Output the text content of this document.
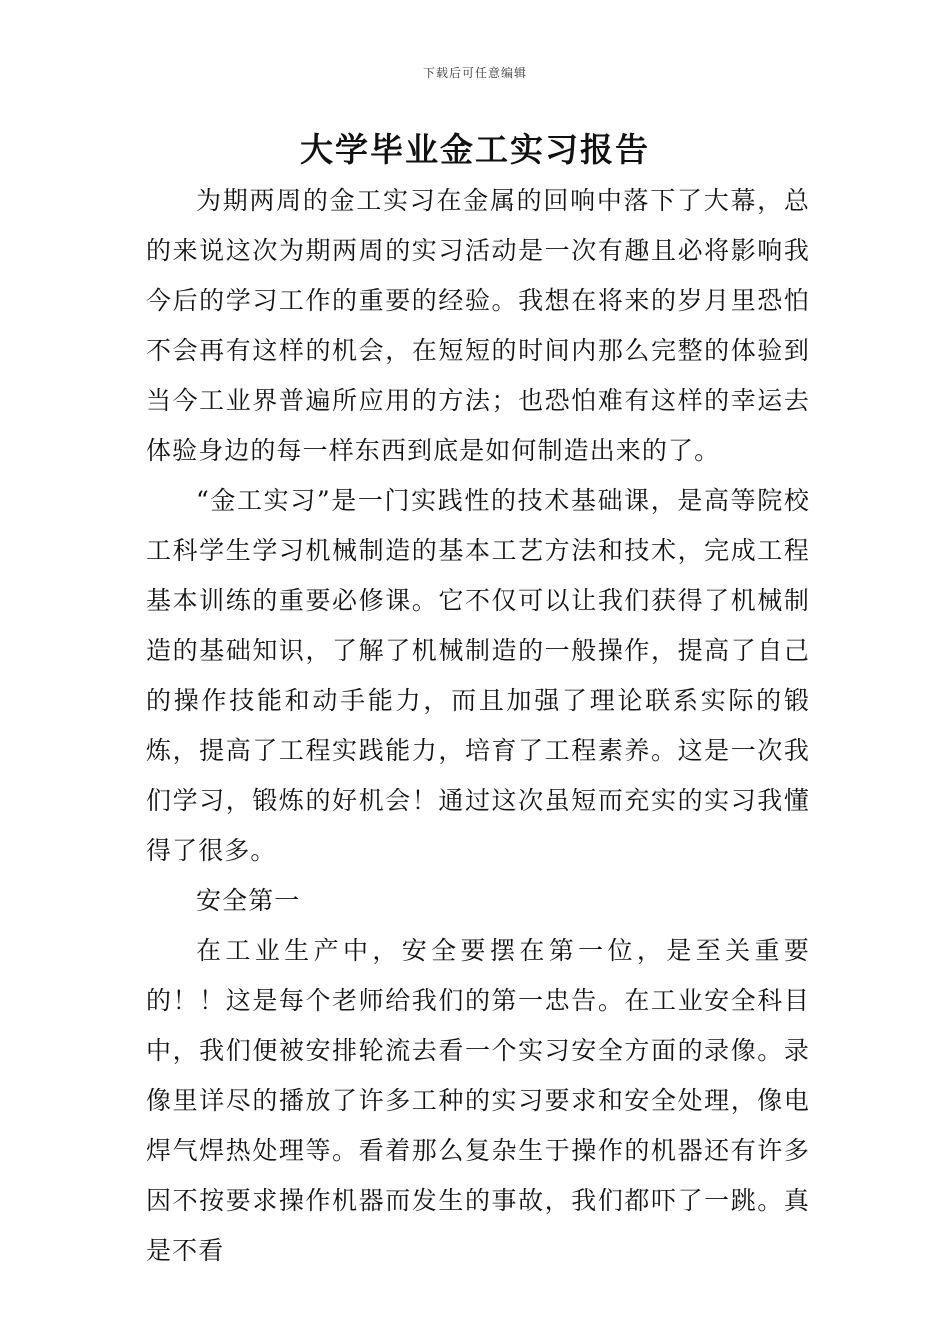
下载后可任意编辑
大学毕业金工实习报告

为期两周的金工实习在金属的回响中落下了大幕，总的来说这次为期两周的实习活动是一次有趣且必将影响我今后的学习工作的重要的经验。我想在将来的岁月里恐怕不会再有这样的机会，在短短的时间内那么完整的体验到当今工业界普遍所应用的方法；也恐怕难有这样的幸运去体验身边的每一样东西到底是如何制造出来的了。

“金工实习”是一门实践性的技术基础课，是高等院校工科学生学习机械制造的基本工艺方法和技术，完成工程基本训练的重要必修课。它不仅可以让我们获得了机械制造的基础知识，了解了机械制造的一般操作，提高了自己的操作技能和动手能力，而且加强了理论联系实际的锻炼，提高了工程实践能力，培育了工程素养。这是一次我们学习，锻炼的好机会！通过这次虽短而充实的实习我懂得了很多。

安全第一

在工业生产中，安全要摆在第一位，是至关重要的！！这是每个老师给我们的第一忠告。在工业安全科目中，我们便被安排轮流去看一个实习安全方面的录像。录像里详尽的播放了许多工种的实习要求和安全处理，像电焊气焊热处理等。看着那么复杂生于操作的机器还有许多因不按要求操作机器而发生的事故，我们都吓了一跳。真是不看
